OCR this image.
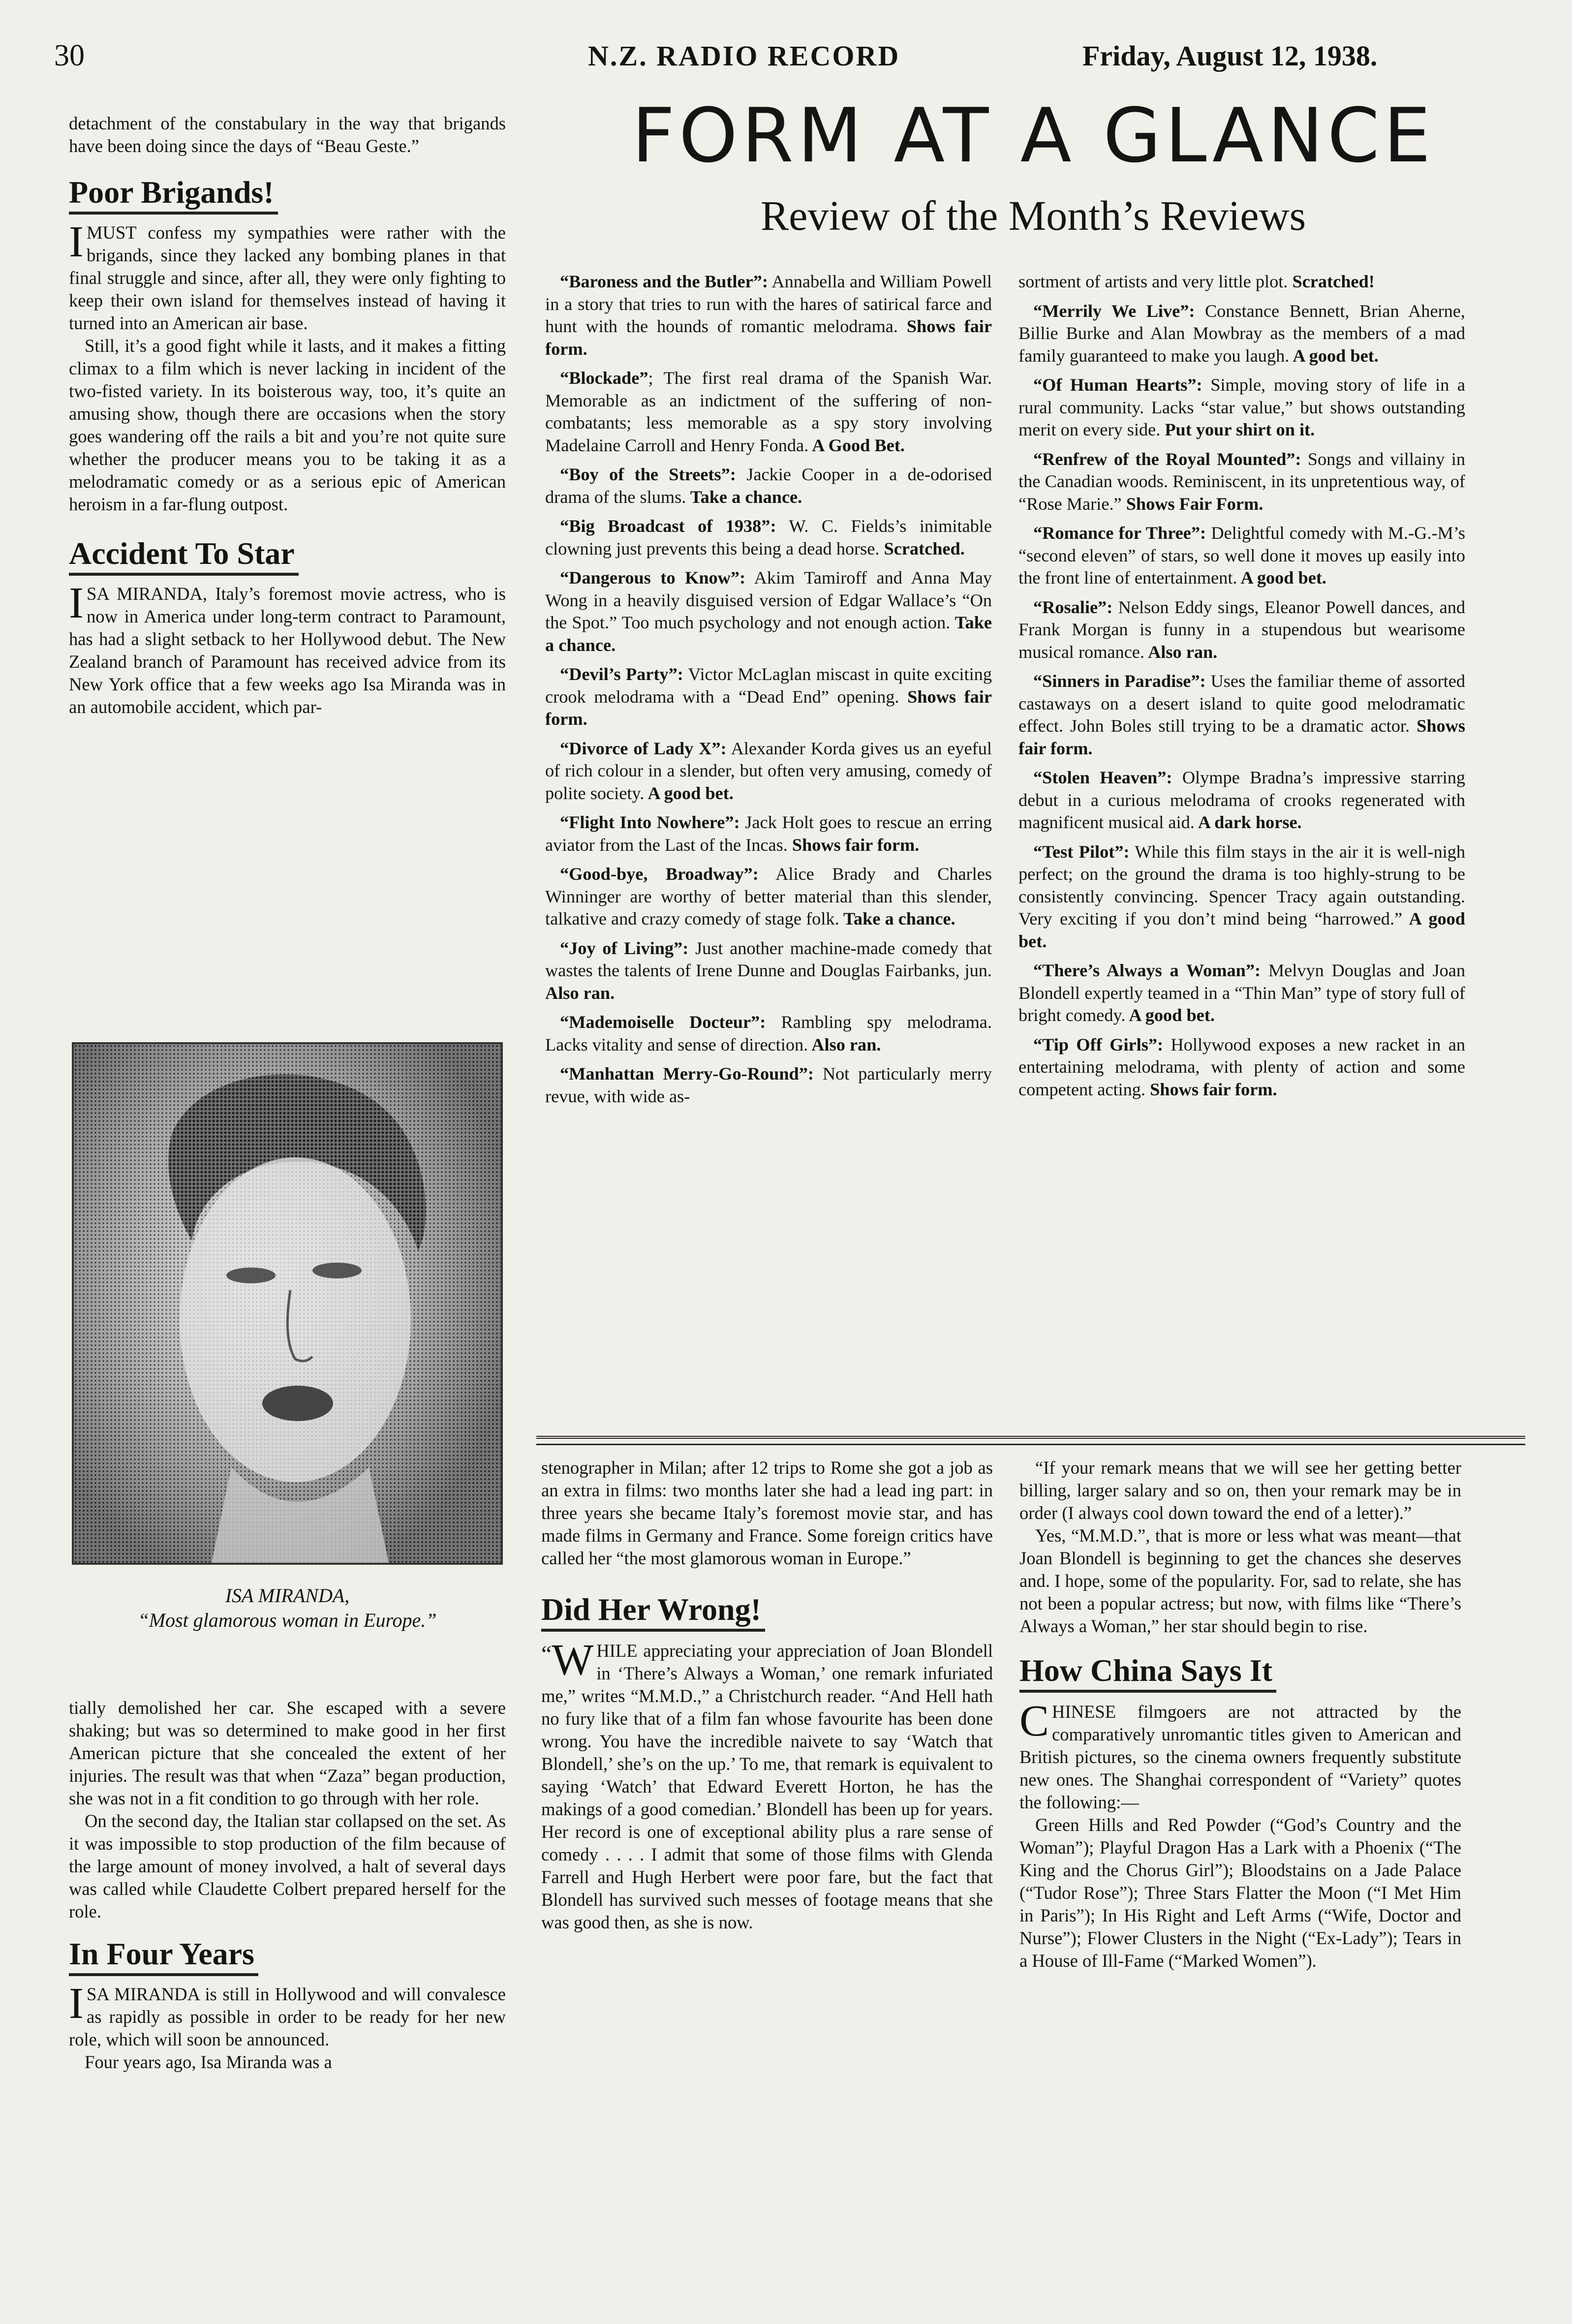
30	N.Z. RADIO RECORD	Friday, August 12, 1938.
detachment of the constabulary in the way that brigands have been doing since the days of “Beau Geste.”
Poor Brigands!
I MUST confess my sympathies were rather with the brigands, since they lacked any bombing planes in that final struggle and since, after all, they were only fighting to keep their own island for themselves instead of having it turned into an American air base.

Still, it’s a good fight while it lasts, and it makes a fitting climax to a film which is never lacking in incident of the two-fisted variety. In its boisterous way, too, it’s quite an amusing show, though there are occasions when the story goes wandering off the rails a bit and you’re not quite sure whether the producer means you to be taking it as a melodramatic comedy or as a serious epic of American heroism in a far-flung outpost.

Accident To Star
I SA MIRANDA, Italy’s foremost movie actress, who is now in America under long-term contract to Paramount, has had a slight setback to her Hollywood debut. The New Zealand branch of Paramount has received advice from its New York office that a few weeks ago Isa Miranda was in an automobile accident, which par-
ISA MIRANDA,
“Most glamorous woman in Europe.”
tially demolished her car. She escaped with a severe shaking; but was so determined to make good in her first American picture that she concealed the extent of her injuries. The result was that when “Zaza” began production, she was not in a fit condition to go through with her role.

On the second day, the Italian star collapsed on the set. As it was impossible to stop production of the film because of the large amount of money involved, a halt of several days was called while Claudette Colbert prepared herself for the role.

In Four Years
I SA MIRANDA is still in Hollywood and will convalesce as rapidly as possible in order to be ready for her new role, which will soon be announced.

Four years ago, Isa Miranda was a

FORM AT A GLANCE
Review of the Month’s Reviews
“Baroness and the Butler”: Annabella and William Powell in a story that tries to run with the hares of satirical farce and hunt with the hounds of romantic melodrama. Shows fair form.
“Blockade”; The first real drama of the Spanish War. Memorable as an indictment of the suffering of non-combatants; less memorable as a spy story involving Madelaine Carroll and Henry Fonda. A Good Bet.
“Boy of the Streets”: Jackie Cooper in a de-odorised drama of the slums. Take a chance.
“Big Broadcast of 1938”: W. C. Fields’s inimitable clowning just prevents this being a dead horse. Scratched.
“Dangerous to Know”: Akim Tamiroff and Anna May Wong in a heavily disguised version of Edgar Wallace’s “On the Spot.” Too much psychology and not enough action. Take a chance.
“Devil’s Party”: Victor McLaglan miscast in quite exciting crook melodrama with a “Dead End” opening. Shows fair form.
“Divorce of Lady X”: Alexander Korda gives us an eyeful of rich colour in a slender, but often very amusing, comedy of polite society. A good bet.
“Flight Into Nowhere”: Jack Holt goes to rescue an erring aviator from the Last of the Incas. Shows fair form.
“Good-bye, Broadway”: Alice Brady and Charles Winninger are worthy of better material than this slender, talkative and crazy comedy of stage folk. Take a chance.
“Joy of Living”: Just another machine-made comedy that wastes the talents of Irene Dunne and Douglas Fairbanks, jun. Also ran.
“Mademoiselle Docteur”: Rambling spy melodrama. Lacks vitality and sense of direction. Also ran.
“Manhattan Merry-Go-Round”: Not particularly merry revue, with wide as-
sortment of artists and very little plot. Scratched!
“Merrily We Live”: Constance Bennett, Brian Aherne, Billie Burke and Alan Mowbray as the members of a mad family guaranteed to make you laugh. A good bet.
“Of Human Hearts”: Simple, moving story of life in a rural community. Lacks “star value,” but shows outstanding merit on every side. Put your shirt on it.
“Renfrew of the Royal Mounted”: Songs and villainy in the Canadian woods. Reminiscent, in its unpretentious way, of “Rose Marie.” Shows Fair Form.
“Romance for Three”: Delightful comedy with M.-G.-M’s “second eleven” of stars, so well done it moves up easily into the front line of entertainment. A good bet.
“Rosalie”: Nelson Eddy sings, Eleanor Powell dances, and Frank Morgan is funny in a stupendous but wearisome musical romance. Also ran.
“Sinners in Paradise”: Uses the familiar theme of assorted castaways on a desert island to quite good melodramatic effect. John Boles still trying to be a dramatic actor. Shows fair form.
“Stolen Heaven”: Olympe Bradna’s impressive starring debut in a curious melodrama of crooks regenerated with magnificent musical aid. A dark horse.
“Test Pilot”: While this film stays in the air it is well-nigh perfect; on the ground the drama is too highly-strung to be consistently convincing. Spencer Tracy again outstanding. Very exciting if you don’t mind being “harrowed.” A good bet.
“There’s Always a Woman”: Melvyn Douglas and Joan Blondell expertly teamed in a “Thin Man” type of story full of bright comedy. A good bet.
“Tip Off Girls”: Hollywood exposes a new racket in an entertaining melodrama, with plenty of action and some competent acting. Shows fair form.
stenographer in Milan; after 12 trips to Rome she got a job as an extra in films: two months later she had a lead ing part: in three years she became Italy’s foremost movie star, and has made films in Germany and France. Some foreign critics have called her “the most glamorous woman in Europe.”
Did Her Wrong!
“ W HILE appreciating your appreciation of Joan Blondell in ‘There’s Always a Woman,’ one remark infuriated me,” writes “M.M.D.,” a Christchurch reader. “And Hell hath no fury like that of a film fan whose favourite has been done wrong. You have the incredible naivete to say ‘Watch that Blondell,’ she’s on the up.’ To me, that remark is equivalent to saying ‘Watch’ that Edward Everett Horton, he has the makings of a good comedian.’ Blondell has been up for years. Her record is one of exceptional ability plus a rare sense of comedy . . . . I admit that some of those films with Glenda Farrell and Hugh Herbert were poor fare, but the fact that Blondell has survived such messes of footage means that she was good then, as she is now.

“If your remark means that we will see her getting better billing, larger salary and so on, then your remark may be in order (I always cool down toward the end of a letter).”

Yes, “M.M.D.”, that is more or less what was meant—that Joan Blondell is beginning to get the chances she deserves and. I hope, some of the popularity. For, sad to relate, she has not been a popular actress; but now, with films like “There’s Always a Woman,” her star should begin to rise.

How China Says It
C HINESE filmgoers are not attracted by the comparatively unromantic titles given to American and British pictures, so the cinema owners frequently substitute new ones. The Shanghai correspondent of “Variety” quotes the following:—

Green Hills and Red Powder (“God’s Country and the Woman”); Playful Dragon Has a Lark with a Phoenix (“The King and the Chorus Girl”); Bloodstains on a Jade Palace (“Tudor Rose”); Three Stars Flatter the Moon (“I Met Him in Paris”); In His Right and Left Arms (“Wife, Doctor and Nurse”); Flower Clusters in the Night (“Ex-Lady”); Tears in a House of Ill-Fame (“Marked Women”).
